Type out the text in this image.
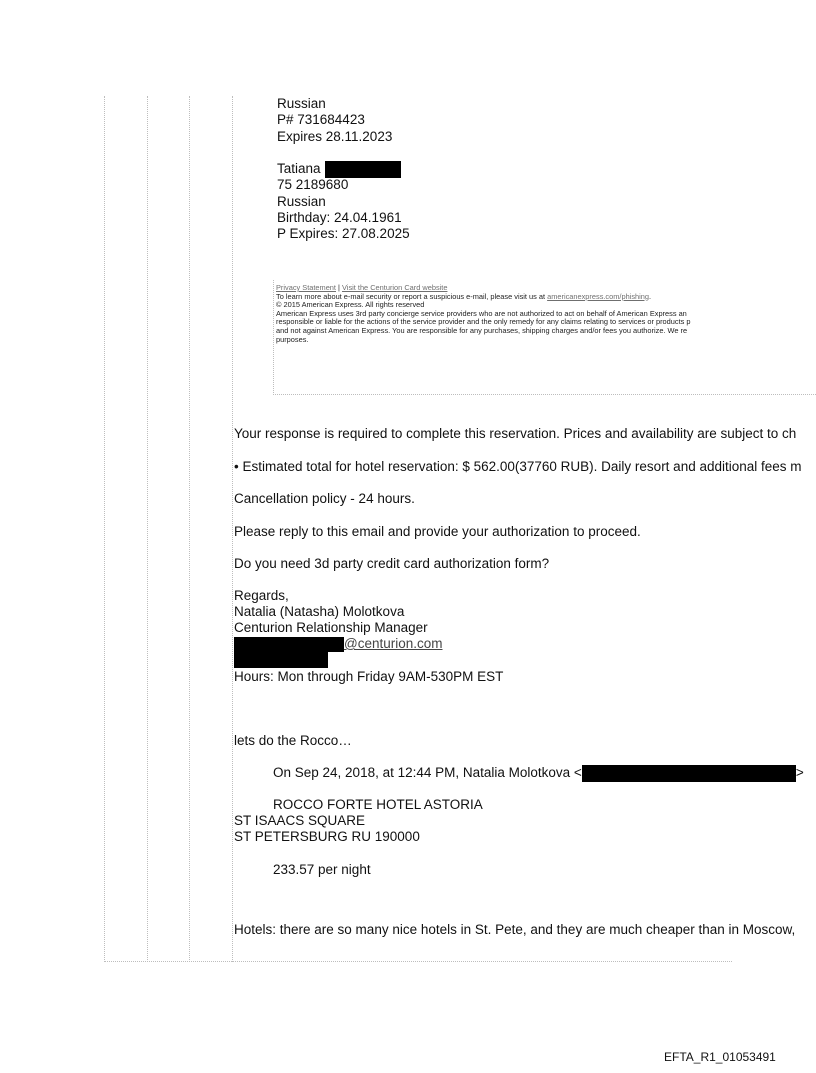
Russian
P# 731684423
Expires 28.11.2023
Tatiana
75 2189680
Russian
Birthday: 24.04.1961
P Expires: 27.08.2025
Privacy Statement | Visit the Centurion Card website
To learn more about e-mail security or report a suspicious e-mail, please visit us at americanexpress.com/phishing.
© 2015 American Express. All rights reserved
American Express uses 3rd party concierge service providers who are not authorized to act on behalf of American Express an
responsible or liable for the actions of the service provider and the only remedy for any claims relating to services or products p
and not against American Express. You are responsible for any purchases, shipping charges and/or fees you authorize. We re
purposes.
Your response is required to complete this reservation. Prices and availability are subject to ch
• Estimated total for hotel reservation: $ 562.00(37760 RUB). Daily resort and additional fees m
Cancellation policy - 24 hours.
Please reply to this email and provide your authorization to proceed.
Do you need 3d party credit card authorization form?
Regards,
Natalia (Natasha) Molotkova
Centurion Relationship Manager
@centurion.com
Hours: Mon through Friday 9AM-530PM EST
lets do the Rocco…
On Sep 24, 2018, at 12:44 PM, Natalia Molotkova <	>
ROCCO FORTE HOTEL ASTORIA
ST ISAACS SQUARE
ST PETERSBURG RU 190000
233.57 per night
Hotels: there are so many nice hotels in St. Pete, and they are much cheaper than in Moscow,
EFTA_R1_01053491
